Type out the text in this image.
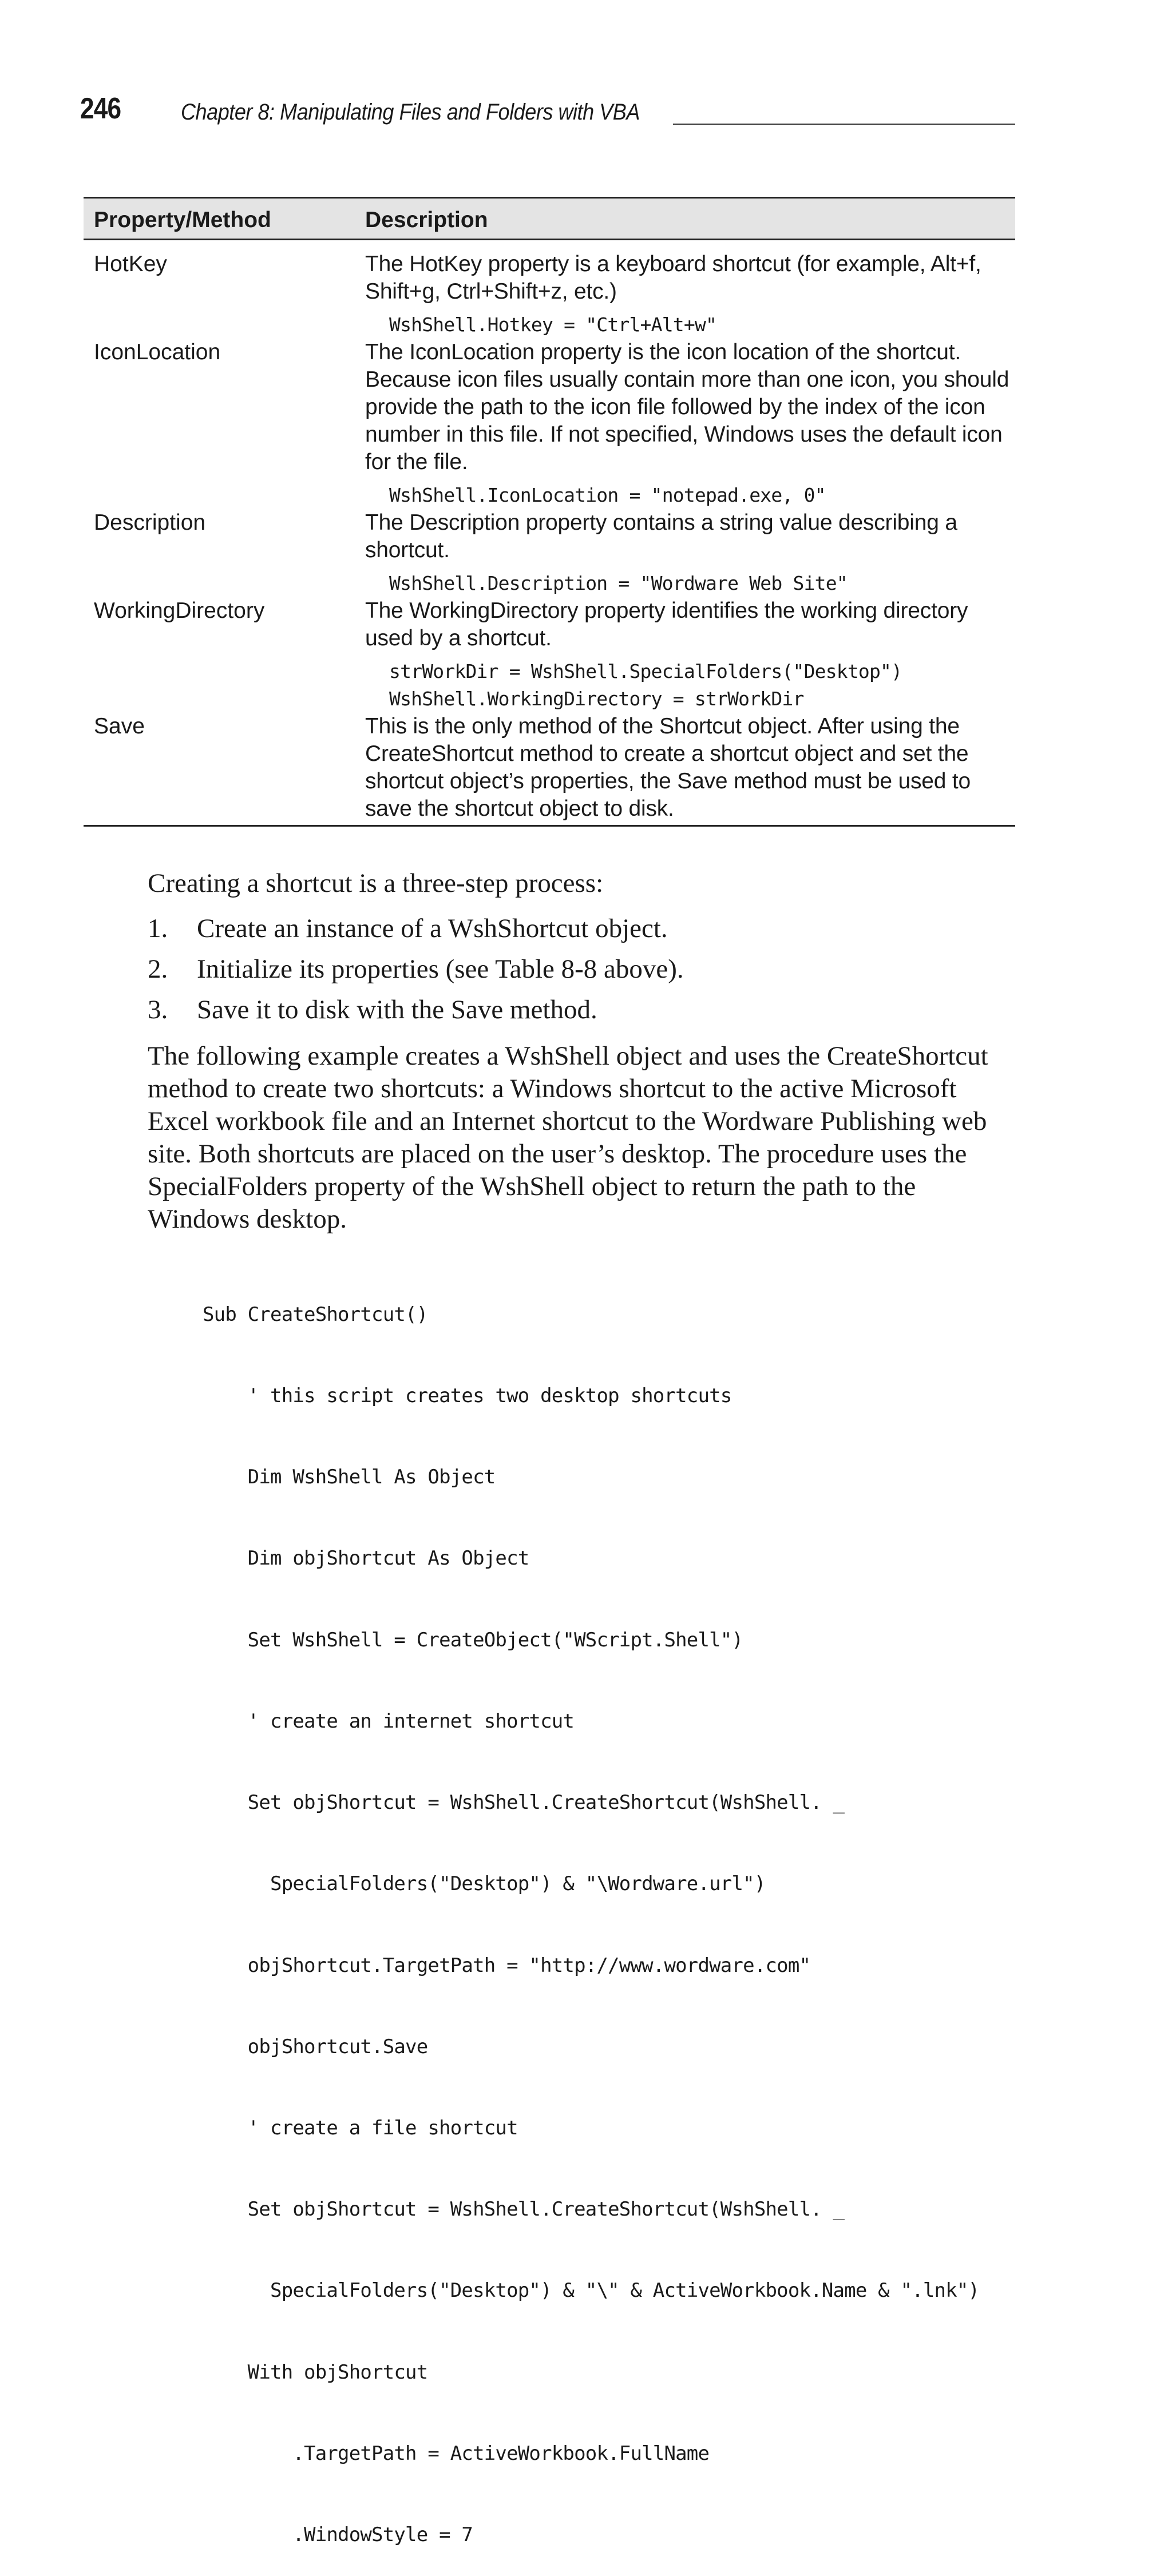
246	Chapter 8: Manipulating Files and Folders with VBA
Property/Method	Description
HotKey	The HotKey property is a keyboard shortcut (for example, Alt+f, Shift+g, Ctrl+Shift+z, etc.)
WshShell.Hotkey = "Ctrl+Alt+w"
IconLocation	The IconLocation property is the icon location of the shortcut. Because icon files usually contain more than one icon, you should provide the path to the icon file followed by the index of the icon number in this file. If not specified, Windows uses the default icon for the file.
WshShell.IconLocation = "notepad.exe, 0"
Description	The Description property contains a string value describing a shortcut.
WshShell.Description = "Wordware Web Site"
WorkingDirectory	The WorkingDirectory property identifies the working directory used by a shortcut.
strWorkDir = WshShell.SpecialFolders("Desktop")
WshShell.WorkingDirectory = strWorkDir
Save	This is the only method of the Shortcut object. After using the CreateShortcut method to create a shortcut object and set the shortcut object’s properties, the Save method must be used to save the shortcut object to disk.
Creating a shortcut is a three-step process:
1. Create an instance of a WshShortcut object.
2. Initialize its properties (see Table 8-8 above).
3. Save it to disk with the Save method.
The following example creates a WshShell object and uses the CreateShortcut method to create two shortcuts: a Windows shortcut to the active Microsoft Excel workbook file and an Internet shortcut to the Wordware Publishing web site. Both shortcuts are placed on the user’s desktop. The procedure uses the SpecialFolders property of the WshShell object to return the path to the Windows desktop.

Sub CreateShortcut()

' this script creates two desktop shortcuts

Dim WshShell As Object

Dim objShortcut As Object

Set WshShell = CreateObject("WScript.Shell")

' create an internet shortcut

Set objShortcut = WshShell.CreateShortcut(WshShell. _

SpecialFolders("Desktop") & "\Wordware.url")

objShortcut.TargetPath = "http://www.wordware.com"

objShortcut.Save

' create a file shortcut

Set objShortcut = WshShell.CreateShortcut(WshShell. _

SpecialFolders("Desktop") & "\" & ActiveWorkbook.Name & ".lnk")

With objShortcut

.TargetPath = ActiveWorkbook.FullName

.WindowStyle = 7
